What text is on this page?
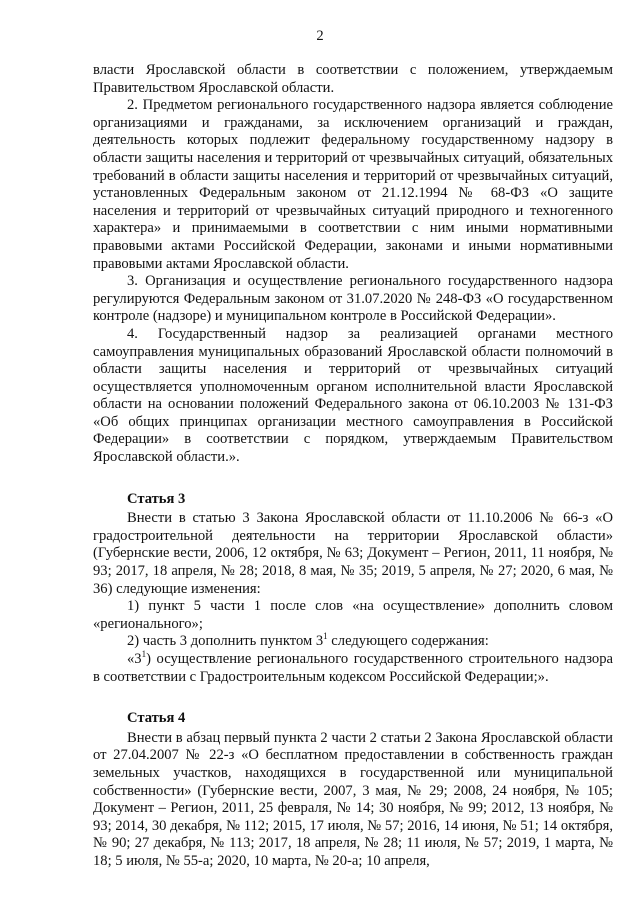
2

власти Ярославской области в соответствии с положением, утверждаемым Правительством Ярославской области.

2. Предметом регионального государственного надзора является соблюдение организациями и гражданами, за исключением организаций и граждан, деятельность которых подлежит федеральному государственному надзору в области защиты населения и территорий от чрезвычайных ситуаций, обязательных требований в области защиты населения и территорий от чрезвычайных ситуаций, установленных Федеральным законом от 21.12.1994 № 68-ФЗ «О защите населения и территорий от чрезвычайных ситуаций природного и техногенного характера» и принимаемыми в соответствии с ним иными нормативными правовыми актами Российской Федерации, законами и иными нормативными правовыми актами Ярославской области.

3. Организация и осуществление регионального государственного надзора регулируются Федеральным законом от 31.07.2020 № 248-ФЗ «О государственном контроле (надзоре) и муниципальном контроле в Российской Федерации».

4. Государственный надзор за реализацией органами местного самоуправления муниципальных образований Ярославской области полномочий в области защиты населения и территорий от чрезвычайных ситуаций осуществляется уполномоченным органом исполнительной власти Ярославской области на основании положений Федерального закона от 06.10.2003 № 131-ФЗ «Об общих принципах организации местного самоуправления в Российской Федерации» в соответствии с порядком, утверждаемым Правительством Ярославской области.».

Статья 3

Внести в статью 3 Закона Ярославской области от 11.10.2006 № 66-з «О градостроительной деятельности на территории Ярославской области» (Губернские вести, 2006, 12 октября, № 63; Документ – Регион, 2011, 11 ноября, № 93; 2017, 18 апреля, № 28; 2018, 8 мая, № 35; 2019, 5 апреля, № 27; 2020, 6 мая, № 36) следующие изменения:

1) пункт 5 части 1 после слов «на осуществление» дополнить словом «регионального»;

2) часть 3 дополнить пунктом $3^1$ следующего содержания:

«$3^1$) осуществление регионального государственного строительного надзора в соответствии с Градостроительным кодексом Российской Федерации;».

Статья 4

Внести в абзац первый пункта 2 части 2 статьи 2 Закона Ярославской области от 27.04.2007 № 22-з «О бесплатном предоставлении в собственность граждан земельных участков, находящихся в государственной или муниципальной собственности» (Губернские вести, 2007, 3 мая, № 29; 2008, 24 ноября, № 105; Документ – Регион, 2011, 25 февраля, № 14; 30 ноября, № 99; 2012, 13 ноября, № 93; 2014, 30 декабря, № 112; 2015, 17 июля, № 57; 2016, 14 июня, № 51; 14 октября, № 90; 27 декабря, № 113; 2017, 18 апреля, № 28; 11 июля, № 57; 2019, 1 марта, № 18; 5 июля, № 55-а; 2020, 10 марта, № 20-а; 10 апреля,
